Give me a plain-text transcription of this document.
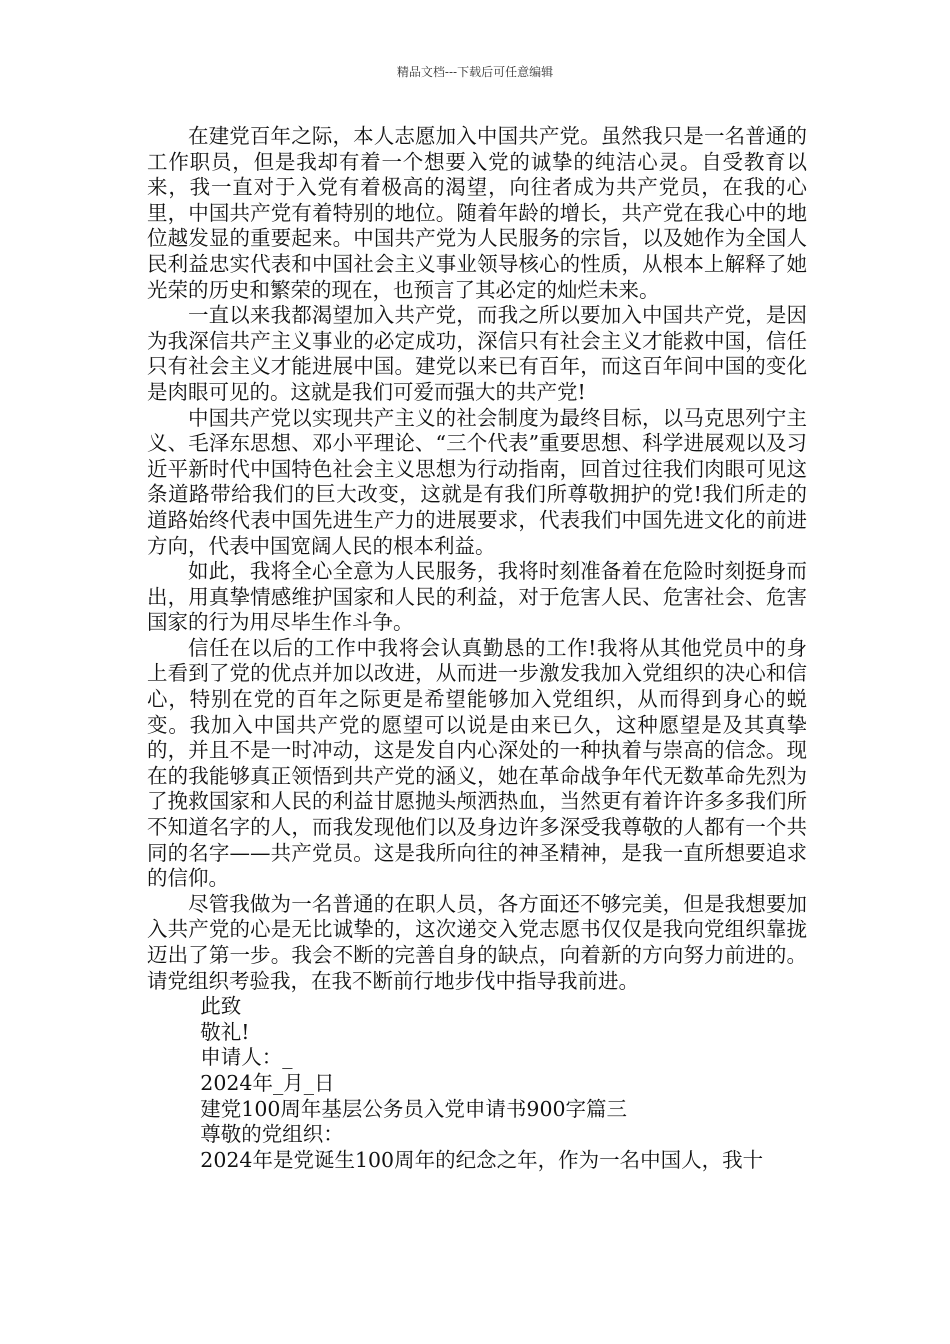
精品文档---下载后可任意编辑

在建党百年之际，本人志愿加入中国共产党。虽然我只是一名普通的工作职员，但是我却有着一个想要入党的诚挚的纯洁心灵。自受教育以来，我一直对于入党有着极高的渴望，向往者成为共产党员，在我的心里，中国共产党有着特别的地位。随着年龄的增长，共产党在我心中的地位越发显的重要起来。中国共产党为人民服务的宗旨，以及她作为全国人民利益忠实代表和中国社会主义事业领导核心的性质，从根本上解释了她光荣的历史和繁荣的现在，也预言了其必定的灿烂未来。

一直以来我都渴望加入共产党，而我之所以要加入中国共产党，是因为我深信共产主义事业的必定成功，深信只有社会主义才能救中国，信任只有社会主义才能进展中国。建党以来已有百年，而这百年间中国的变化是肉眼可见的。这就是我们可爱而强大的共产党!

中国共产党以实现共产主义的社会制度为最终目标，以马克思列宁主义、毛泽东思想、邓小平理论、“三个代表”重要思想、科学进展观以及习近平新时代中国特色社会主义思想为行动指南，回首过往我们肉眼可见这条道路带给我们的巨大改变，这就是有我们所尊敬拥护的党!我们所走的道路始终代表中国先进生产力的进展要求，代表我们中国先进文化的前进方向，代表中国宽阔人民的根本利益。

如此，我将全心全意为人民服务，我将时刻准备着在危险时刻挺身而出，用真挚情感维护国家和人民的利益，对于危害人民、危害社会、危害国家的行为用尽毕生作斗争。

信任在以后的工作中我将会认真勤恳的工作!我将从其他党员中的身上看到了党的优点并加以改进，从而进一步激发我加入党组织的决心和信心，特别在党的百年之际更是希望能够加入党组织，从而得到身心的蜕变。我加入中国共产党的愿望可以说是由来已久，这种愿望是及其真挚的，并且不是一时冲动，这是发自内心深处的一种执着与崇高的信念。现在的我能够真正领悟到共产党的涵义，她在革命战争年代无数革命先烈为了挽救国家和人民的利益甘愿抛头颅洒热血，当然更有着许许多多我们所不知道名字的人，而我发现他们以及身边许多深受我尊敬的人都有一个共同的名字——共产党员。这是我所向往的神圣精神，是我一直所想要追求的信仰。

尽管我做为一名普通的在职人员，各方面还不够完美，但是我想要加入共产党的心是无比诚挚的，这次递交入党志愿书仅仅是我向党组织靠拢迈出了第一步。我会不断的完善自身的缺点，向着新的方向努力前进的。请党组织考验我，在我不断前行地步伐中指导我前进。

此致
敬礼!
申请人：_
2024年_月_日
建党100周年基层公务员入党申请书900字篇三
尊敬的党组织：
2024年是党诞生100周年的纪念之年，作为一名中国人，我十
